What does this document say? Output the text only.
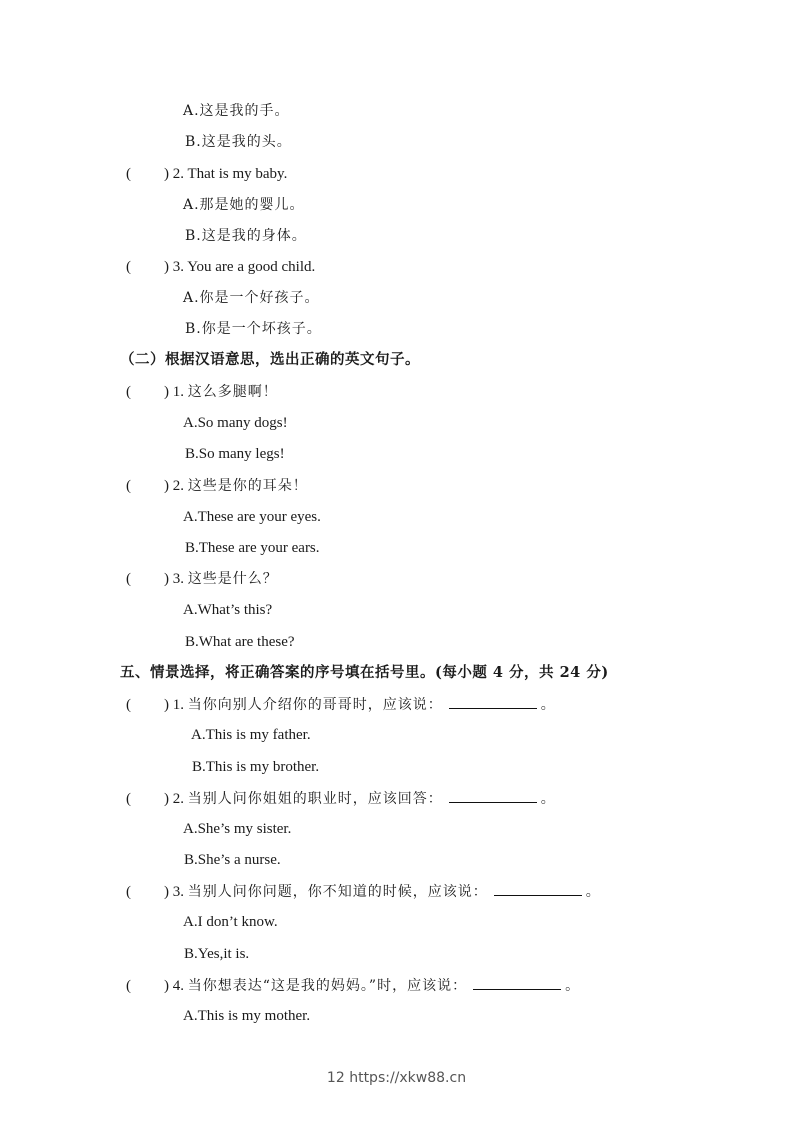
A.这是我的手。
B.这是我的头。
( ) 2. That is my baby.
A.那是她的婴儿。
B.这是我的身体。
( ) 3. You are a good child.
A.你是一个好孩子。
B.你是一个坏孩子。
（二）根据汉语意思，选出正确的英文句子。
( ) 1. 这么多腿啊！
A.So many dogs!
B.So many legs!
( ) 2. 这些是你的耳朵！
A.These are your eyes.
B.These are your ears.
( ) 3. 这些是什么？
A.What’s this?
B.What are these?
五、情景选择，将正确答案的序号填在括号里。(每小题 4 分，共 24 分)
( ) 1. 当你向别人介绍你的哥哥时，应该说：	。
A.This is my father.
B.This is my brother.
( ) 2. 当别人问你姐姐的职业时，应该回答：	。
A.She’s my sister.
B.She’s a nurse.
( ) 3. 当别人问你问题，你不知道的时候，应该说：	。
A.I don’t know.
B.Yes,it is.
( ) 4. 当你想表达“这是我的妈妈。”时，应该说：	。
A.This is my mother.
12 https://xkw88.cn
